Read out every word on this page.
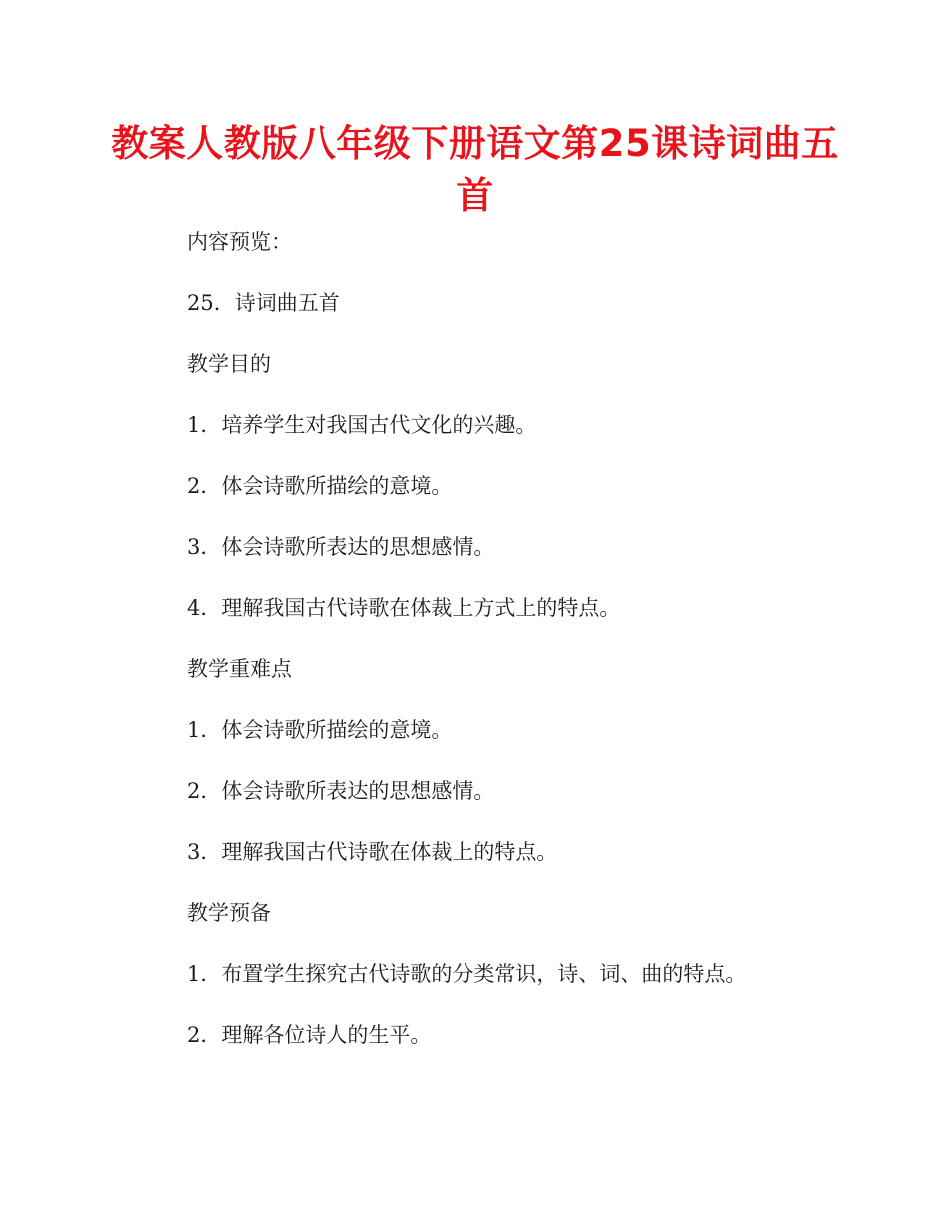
教案人教版八年级下册语文第25课诗词曲五首
内容预览：
25．诗词曲五首
教学目的
1．培养学生对我国古代文化的兴趣。
2．体会诗歌所描绘的意境。
3．体会诗歌所表达的思想感情。
4．理解我国古代诗歌在体裁上方式上的特点。
教学重难点
1．体会诗歌所描绘的意境。
2．体会诗歌所表达的思想感情。
3．理解我国古代诗歌在体裁上的特点。
教学预备
1．布置学生探究古代诗歌的分类常识，诗、词、曲的特点。
2．理解各位诗人的生平。
